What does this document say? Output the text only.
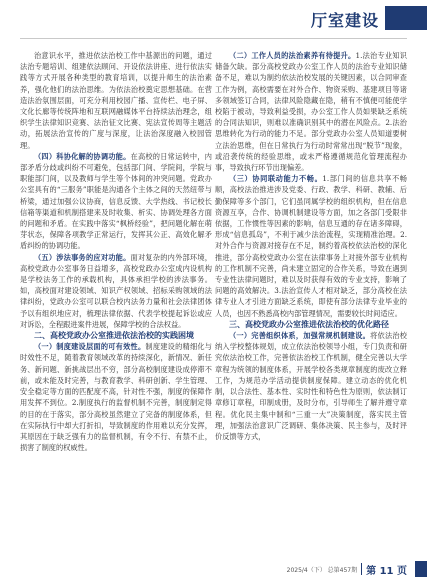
厅室建设

治意识水平，推进依法治校工作中基源出的问题，通过法治专题培训、组建依法顾问、开设依法讲座、进行依法实践等方式开展各种类型的教育培训，以提升师生的法治素养，强化他们的法治思维。为依法治校奠定思想基础。在营造法治氛围层面，可充分利用校园广播、宣传栏、电子屏、文化长廊等传统阵地和互联网融媒体平台持续法治理念，组织学生法律知识竞赛、法治征文比赛、宪法宣传周等主题活动，拓展法治宣传的广度与深度，让法治深度融入校园管理。

（四）科协化解的协调功能。在高校的日常运转中，内部矛盾分歧或纠纷不可避免，包括部门间、学院间，学院与职能部门间，以及教师与学生等个体间的冲突问题。党政办公室具有的“三服务”职能是沟通各个主体之间的天然纽带与桥梁，通过加强公议协商，信息反馈、大学热线、书记校长信箱等渠道和机制搭建来及时收集、析实、协调处理各方面的问题和矛盾。在实践中落实“枫桥经验”，把问题化解在萌芽状态，保障各项教学正常运行，发挥其公正、高效化解矛盾纠纷的协调功能。

（五）涉法事务的应对功能。面对复杂的内外部环境，高校党政办公室事务日益增多，高校党政办公室成内设机构是学校法务工作的承载机构，具体承担学校的涉法事务。如，高校面对建设领域、知识产权领域、招标采购领域的法律纠纷，党政办公室可以联合校内法务力量和社会法律团体予以有组织地应对，梳理法律依据、代表学校提起诉讼或应对诉讼，全程跟进案件进展，保障学校的合法权益。

二、高校党政办公室推进依法治校的实践困境

（一）制度建设层面的可有效性。制度建设的精细化与时效性不足，随着教育领域改革的持续深化，新情况、新任务、新问题、新挑战层出不穷，部分高校制度建设成停滞不前，或未能及时完善，与教育教学、科研创新、学生管理、安全稳定等方面的匹配度不高，针对性不强，制度的保障作用发挥不到位。2.制度执行的监督机制不完善，制度制定得的目的在于落实，部分高校虽然建立了完备的制度体系，但在实际执行中却大打折扣，导致制度的作用难以充分发挥，其原因在于缺乏强有力的监督机制，有令不行、有禁不止，损害了制度的权威性。

（二）工作人员的法治素养有待提升。1.法治专业知识储备欠缺。部分高校党政办公室工作人员的法治专业知识储备不足，难以为制约依法治校发展的关键因素，以合同审查工作为例，高校需要在对外合作、物资采购、基建项目等诸多领域签订合同，法律风险隐藏在隐，稍有不慎便可能使学校陷于被动，导致利益受损，办公室工作人员如果缺乏系统的合同法知识，则难以准确识别其中的潜在风险点。2.法治思维转化为行动的能力不足。部分党政办公室人员知道要树立法治思维，但在日常执行为行动时常常出现“脱节”现象，或沿袭传统的经验思维，或未严格遵循规范化管理流程办事，导致执行环节出现偏差。

（三）协同联动能力不畅。1.部门间的信息共享不畅顺，高校法治推进涉及党委、行政、教学、科研、教辅、后勤保障等多个部门，它们虽同属学校的组织机构，但在信息资源互享，合作、协调机制建设等方面，加之各部门受限非依据，工作惯性等因素的影响，信息互通的存在诸多障碍，形成“信息孤岛”，不利于减少法治流程，实现精准治理。2.对外合作与资源对接存在不足，制约着高校依法治校的深化推进，部分高校党政办公室在法律事务上对接外部专业机构的工作机制不完善，尚未建立固定的合作关系，导致在遇到专业性法律问题时，难以及时获得有效的专业支持，影响了问题的高效解决。3.法治宣传人才相对缺乏，部分高校在法律专业人才引进方面缺乏系统，即使有部分法律专业毕业的人员，也因不熟悉高校内部管理情况，需要较长时间适应。

三、高校党政办公室推进依法治校的优化路径

（一）完善组织体系，加强常规机制建设。将依法治校纳入学校整体规划，成立依法治校领导小组，专门负责和研究依法治校工作，完善依法治校工作机制，健全完善以大学章程为统领的制度体系，开展学校各类规章制度的废改立释工作，为规范办学活动提供制度保障。建立动态的优化机制，以合法性、基本性、实时性和特色性为原则，依法制订章修订章程，印制成册，及时分布，引导师生了解并遵守章程。优化民主集中制和“三重一大”决策制度，落实民主管理，加强法治意识广泛调研、集体决策、民主参与，及时评价反馈等方式，

2025/4（下） 总第457期 第 11 页
